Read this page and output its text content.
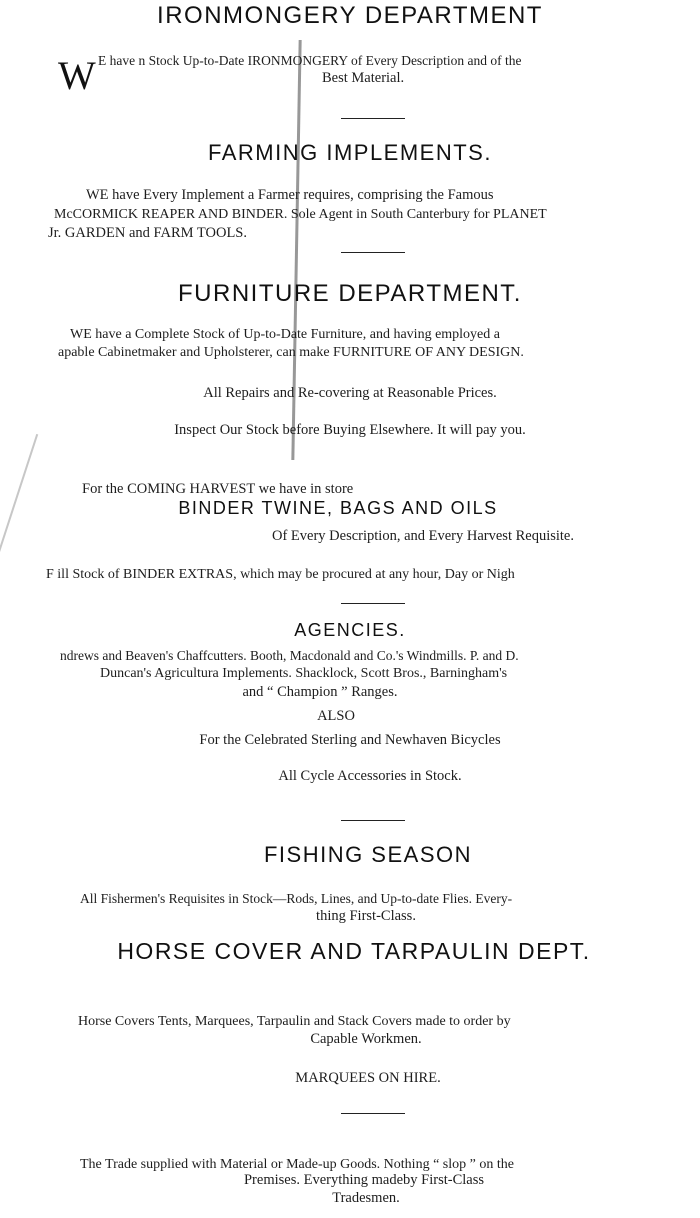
IRONMONGERY DEPARTMENT
W E have n Stock Up-to-Date IRONMONGERY of Every Description and of the
Best Material.
FARMING IMPLEMENTS.
WE have Every Implement a Farmer requires, comprising the Famous
McCORMICK REAPER AND BINDER. Sole Agent in South Canterbury for PLANET
Jr. GARDEN and FARM TOOLS.
FURNITURE DEPARTMENT.
WE have a Complete Stock of Up-to-Date Furniture, and having employed a
apable Cabinetmaker and Upholsterer, can make FURNITURE OF ANY DESIGN.
All Repairs and Re-covering at Reasonable Prices.
Inspect Our Stock before Buying Elsewhere. It will pay you.
For the COMING HARVEST we have in store
BINDER TWINE, BAGS AND OILS
Of Every Description, and Every Harvest Requisite.
F ill Stock of BINDER EXTRAS, which may be procured at any hour, Day or Nigh
AGENCIES.
ndrews and Beaven's Chaffcutters. Booth, Macdonald and Co.'s Windmills. P. and D.
Duncan's Agricultura Implements. Shacklock, Scott Bros., Barningham's
and “ Champion ” Ranges.
ALSO
For the Celebrated Sterling and Newhaven Bicycles
All Cycle Accessories in Stock.
FISHING SEASON
All Fishermen's Requisites in Stock—Rods, Lines, and Up-to-date Flies. Every-
thing First-Class.
HORSE COVER AND TARPAULIN DEPT.
Horse Covers Tents, Marquees, Tarpaulin and Stack Covers made to order by
Capable Workmen.
MARQUEES ON HIRE.
The Trade supplied with Material or Made-up Goods. Nothing “ slop ” on the
Premises. Everything madeby First-Class
Tradesmen.
